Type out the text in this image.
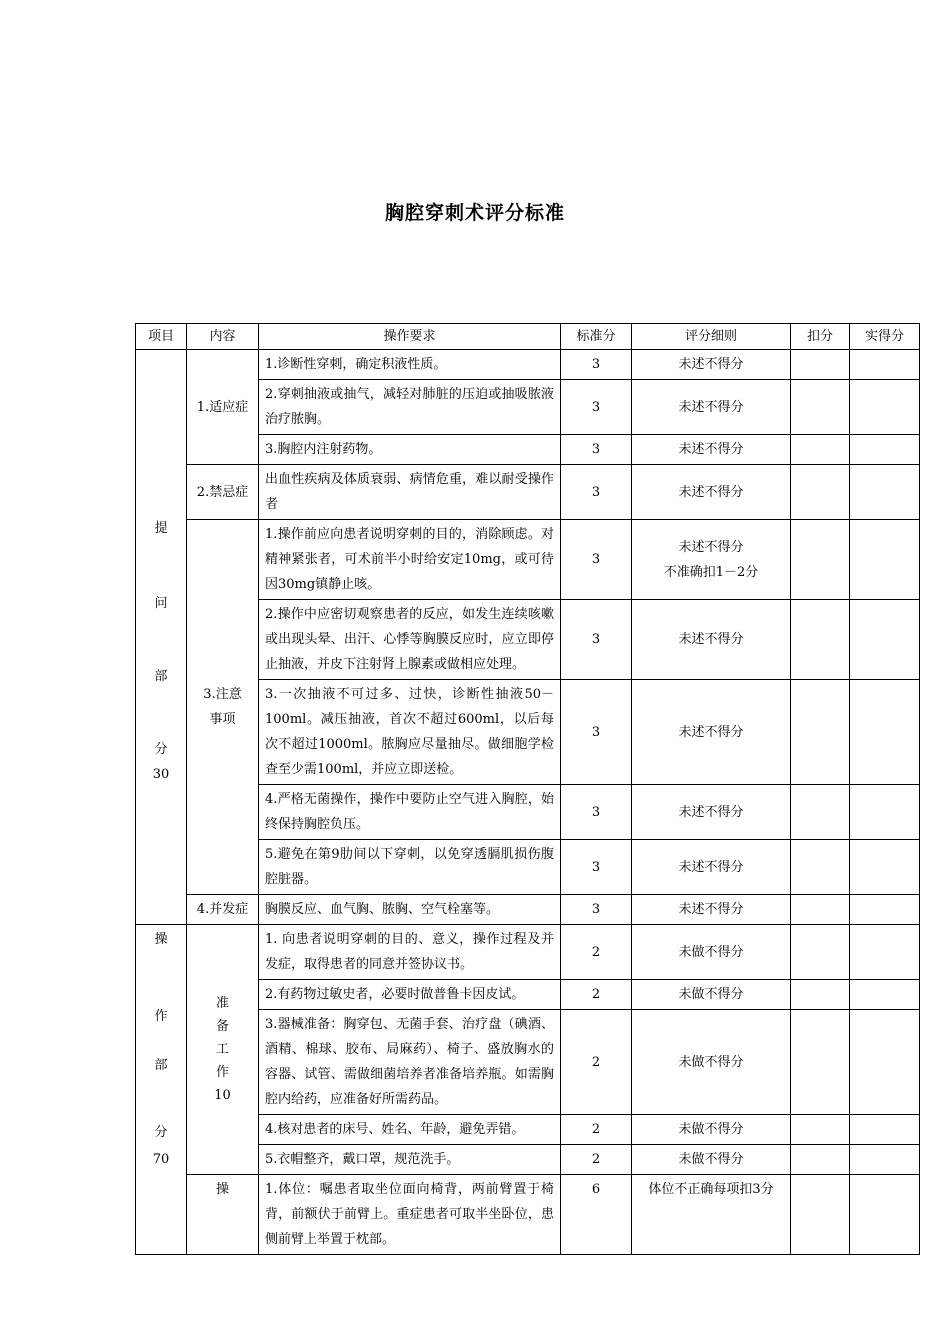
胸腔穿刺术评分标准
项目	内容	操作要求	标准分	评分细则	扣分	实得分

提
问
部
分
30	1.适应症	1.诊断性穿刺，确定积液性质。	3	未述不得分		
		2.穿刺抽液或抽气，减轻对肺脏的压迫或抽吸脓液治疗脓胸。	3	未述不得分		
		3.胸腔内注射药物。	3	未述不得分		
	2.禁忌症	出血性疾病及体质衰弱、病情危重，难以耐受操作者	3	未述不得分		
	3.注意事项	1.操作前应向患者说明穿刺的目的，消除顾虑。对精神紧张者，可术前半小时给安定10mg，或可待因30mg镇静止咳。	3	未述不得分
不准确扣1－2分		

		2.操作中应密切观察患者的反应，如发生连续咳嗽或出现头晕、出汗、心悸等胸膜反应时，应立即停止抽液，并皮下注射肾上腺素或做相应处理。	3	未述不得分		
		3.一次抽液不可过多、过快，诊断性抽液50－100ml。减压抽液，首次不超过600ml，以后每次不超过1000ml。脓胸应尽量抽尽。做细胞学检查至少需100ml，并应立即送检。	3	未述不得分		
		4.严格无菌操作，操作中要防止空气进入胸腔，始终保持胸腔负压。	3	未述不得分		
		5.避免在第9肋间以下穿刺，以免穿透膈肌损伤腹腔脏器。	3	未述不得分		
	4.并发症	胸膜反应、血气胸、脓胸、空气栓塞等。	3	未述不得分		

操
作
部
分
70	准
备
工
作
10	1. 向患者说明穿刺的目的、意义，操作过程及并发症，取得患者的同意并签协议书。	2	未做不得分		
		2.有药物过敏史者，必要时做普鲁卡因皮试。	2	未做不得分		
		3.器械准备：胸穿包、无菌手套、治疗盘（碘酒、酒精、棉球、胶布、局麻药）、椅子、盛放胸水的容器、试管、需做细菌培养者准备培养瓶。如需胸腔内给药，应准备好所需药品。	2	未做不得分		
		4.核对患者的床号、姓名、年龄，避免弄错。	2	未做不得分		
		5.衣帽整齐，戴口罩，规范洗手。	2	未做不得分		
	操	1.体位：嘱患者取坐位面向椅背，两前臂置于椅背，前额伏于前臂上。重症患者可取半坐卧位，患侧前臂上举置于枕部。	6	体位不正确每项扣3分		
